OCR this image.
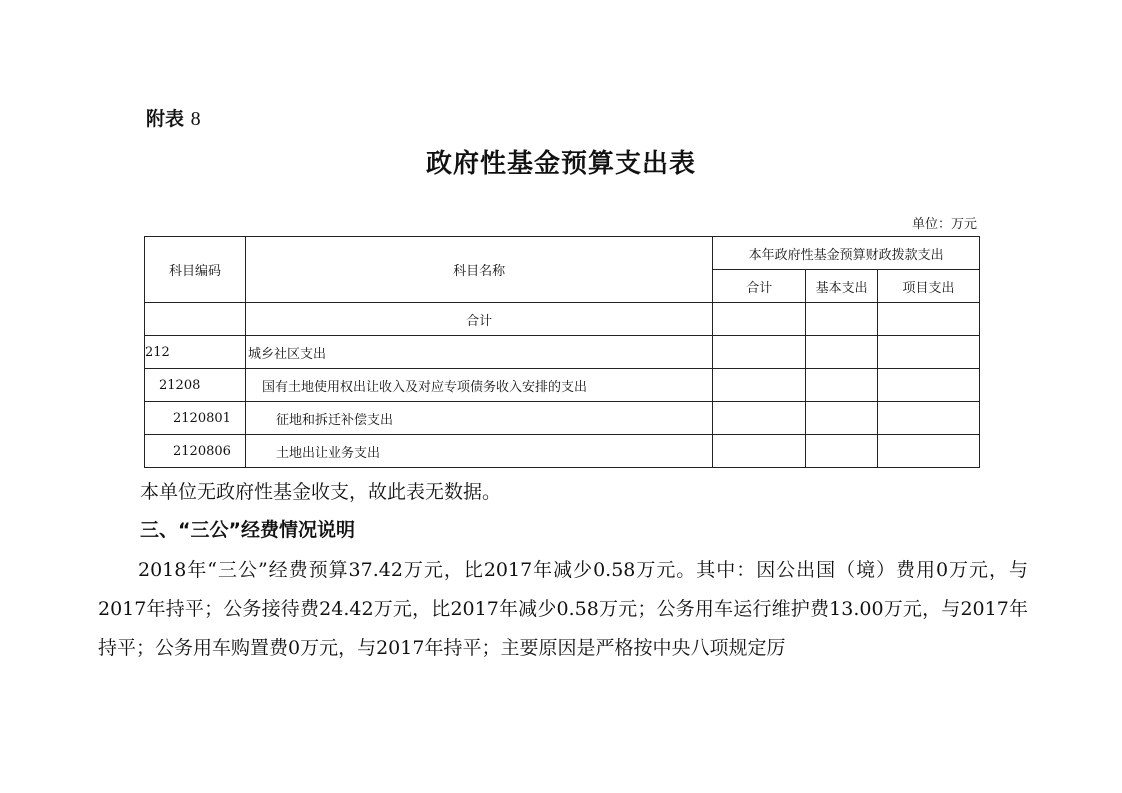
附表 8
政府性基金预算支出表
单位：万元
科目编码	科目名称	本年政府性基金预算财政拨款支出		
		合计	基本支出	项目支出
	合计			
212	城乡社区支出			
21208	国有土地使用权出让收入及对应专项债务收入安排的支出			
2120801	征地和拆迁补偿支出			
2120806	土地出让业务支出			
本单位无政府性基金收支，故此表无数据。
三、“三公”经费情况说明
2018年“三公”经费预算37.42万元，比2017年减少0.58万元。其中：因公出国（境）费用0万元，与2017年持平；公务接待费24.42万元，比2017年减少0.58万元；公务用车运行维护费13.00万元，与2017年持平；公务用车购置费0万元，与2017年持平；主要原因是严格按中央八项规定厉
